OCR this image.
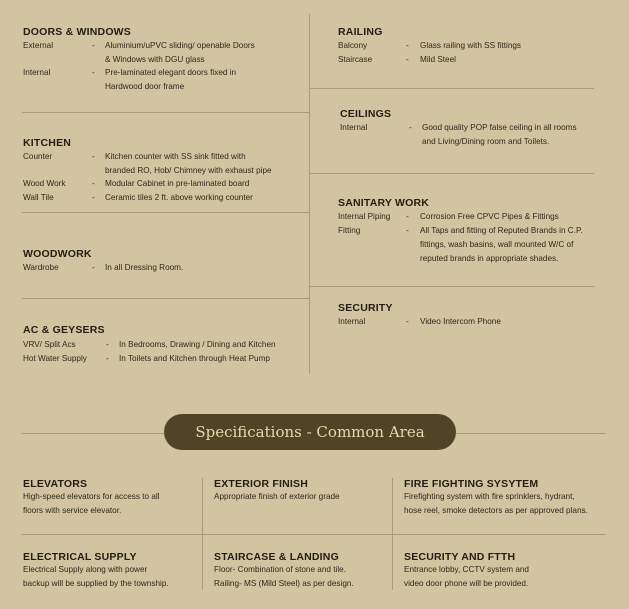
DOORS & WINDOWS
External	- Aluminium/uPVC sliding/ openable Doors
& Windows with DGU glass
Internal	- Pre-laminated elegant doors fixed in
Hardwood door frame
KITCHEN
Counter	- Kitchen counter with SS sink fitted with
branded RO, Hob/ Chimney with exhaust pipe
Wood Work	- Modular Cabinet in pre-laminated board
Wall Tile	- Ceramic tiles 2 ft. above working counter
WOODWORK
Wardrobe	- In all Dressing Room.
AC & GEYSERS
VRV/ Split Acs	- In Bedrooms, Drawing / Dining and Kitchen
Hot Water Supply - In Toilets and Kitchen through Heat Pump
RAILING
Balcony	- Glass railing with SS fittings
Staircase	- Mild Steel
CEILINGS
Internal	- Good quality POP false ceiling in all rooms
and Living/Dining room and Toilets.
SANITARY WORK
Internal Piping - Corrosion Free CPVC Pipes & Fittings
Fitting	- All Taps and fitting of Reputed Brands in C.P.
fittings, wash basins, wall mounted W/C of
reputed brands in appropriate shades.
SECURITY
Internal	- Video Intercom Phone
Specifications - Common Area
ELEVATORS
High-speed elevators for access to all
floors with service elevator.
EXTERIOR FINISH
Appropriate finish of exterior grade
FIRE FIGHTING SYSYTEM
Firefighting system with fire sprinklers, hydrant,
hose reel, smoke detectors as per approved plans.
ELECTRICAL SUPPLY
Electrical Supply along with power
backup will be supplied by the township.
STAIRCASE & LANDING
Floor- Combination of stone and tile.
Railing- MS (Mild Steel) as per design.
SECURITY AND FTTH
Entrance lobby, CCTV system and
video door phone will be provided.
